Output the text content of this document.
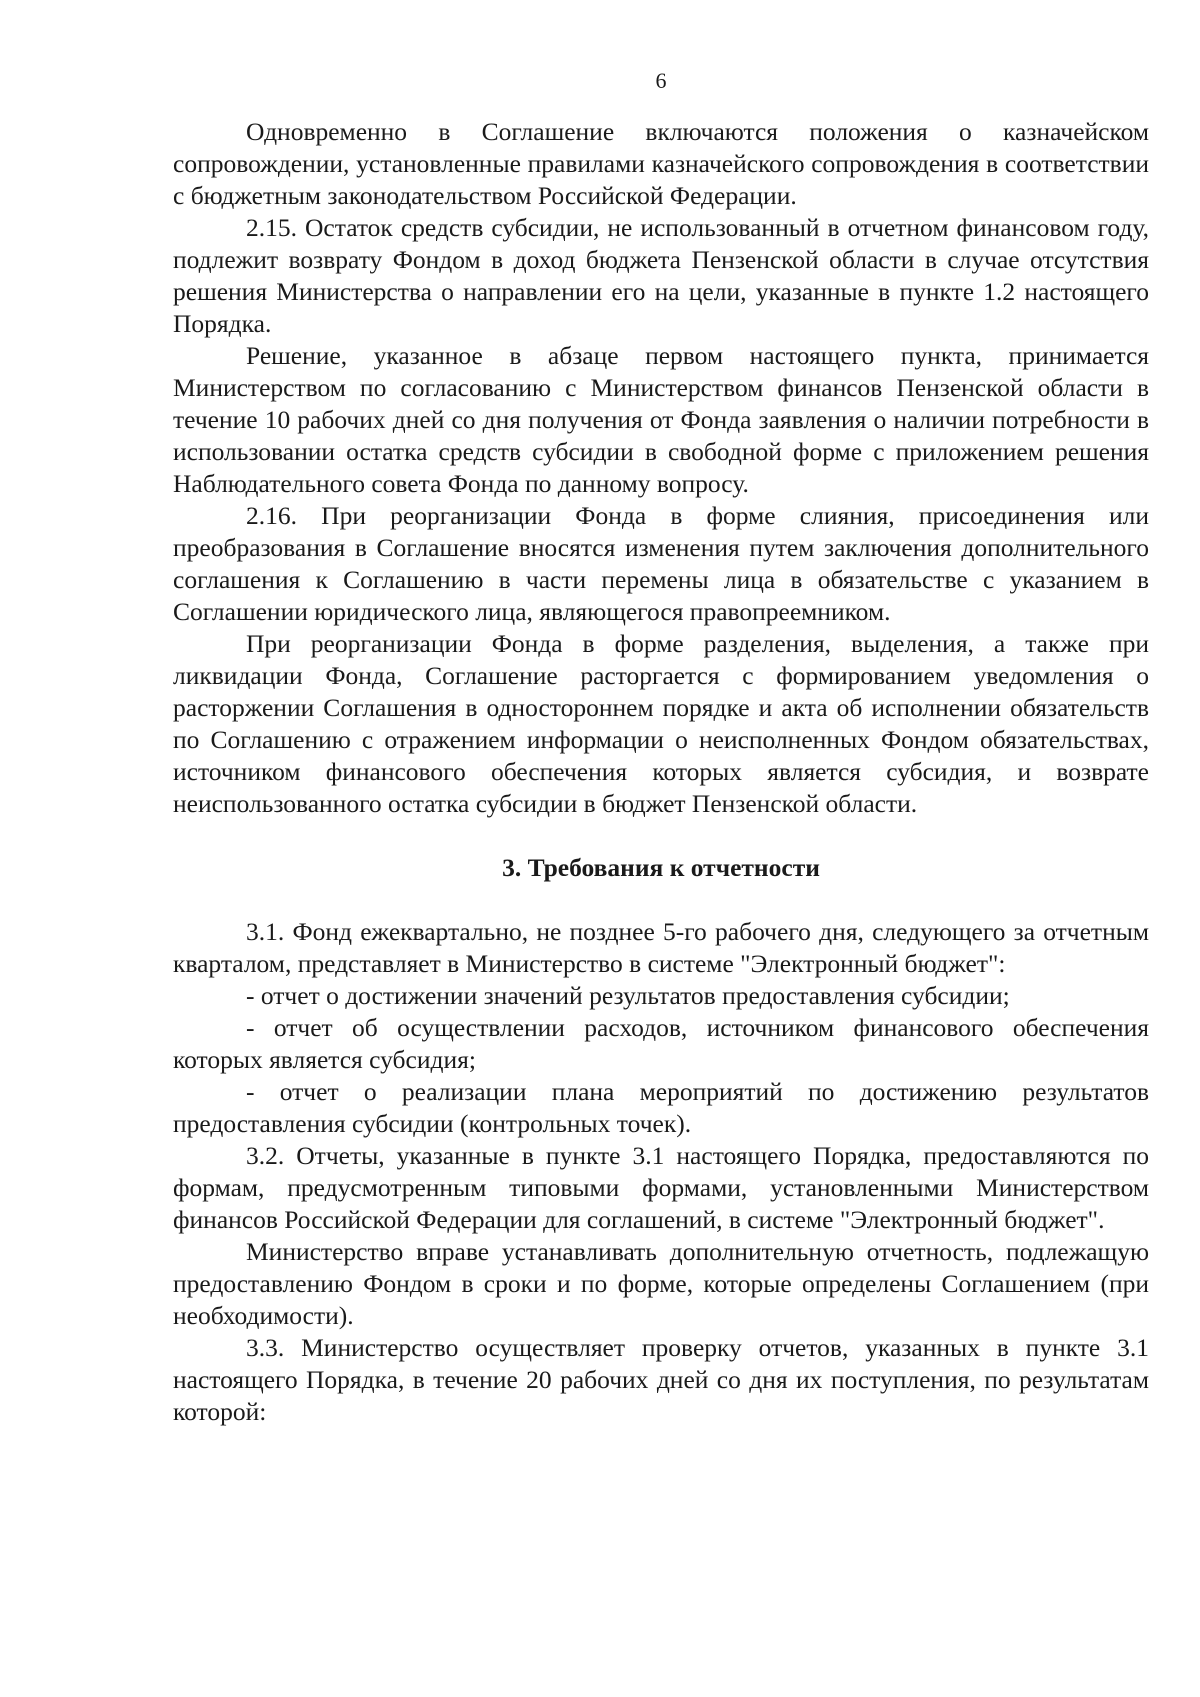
6

Одновременно в Соглашение включаются положения о казначейском сопровождении, установленные правилами казначейского сопровождения в соответствии с бюджетным законодательством Российской Федерации.

2.15. Остаток средств субсидии, не использованный в отчетном финансовом году, подлежит возврату Фондом в доход бюджета Пензенской области в случае отсутствия решения Министерства о направлении его на цели, указанные в пункте 1.2 настоящего Порядка.

Решение, указанное в абзаце первом настоящего пункта, принимается Министерством по согласованию с Министерством финансов Пензенской области в течение 10 рабочих дней со дня получения от Фонда заявления о наличии потребности в использовании остатка средств субсидии в свободной форме с приложением решения Наблюдательного совета Фонда по данному вопросу.

2.16. При реорганизации Фонда в форме слияния, присоединения или преобразования в Соглашение вносятся изменения путем заключения дополнительного соглашения к Соглашению в части перемены лица в обязательстве с указанием в Соглашении юридического лица, являющегося правопреемником.

При реорганизации Фонда в форме разделения, выделения, а также при ликвидации Фонда, Соглашение расторгается с формированием уведомления о расторжении Соглашения в одностороннем порядке и акта об исполнении обязательств по Соглашению с отражением информации о неисполненных Фондом обязательствах, источником финансового обеспечения которых является субсидия, и возврате неиспользованного остатка субсидии в бюджет Пензенской области.

3. Требования к отчетности

3.1. Фонд ежеквартально, не позднее 5-го рабочего дня, следующего за отчетным кварталом, представляет в Министерство в системе "Электронный бюджет":

- отчет о достижении значений результатов предоставления субсидии;

- отчет об осуществлении расходов, источником финансового обеспечения которых является субсидия;

- отчет о реализации плана мероприятий по достижению результатов предоставления субсидии (контрольных точек).

3.2. Отчеты, указанные в пункте 3.1 настоящего Порядка, предоставляются по формам, предусмотренным типовыми формами, установленными Министерством финансов Российской Федерации для соглашений, в системе "Электронный бюджет".

Министерство вправе устанавливать дополнительную отчетность, подлежащую предоставлению Фондом в сроки и по форме, которые определены Соглашением (при необходимости).

3.3. Министерство осуществляет проверку отчетов, указанных в пункте 3.1 настоящего Порядка, в течение 20 рабочих дней со дня их поступления, по результатам которой:
